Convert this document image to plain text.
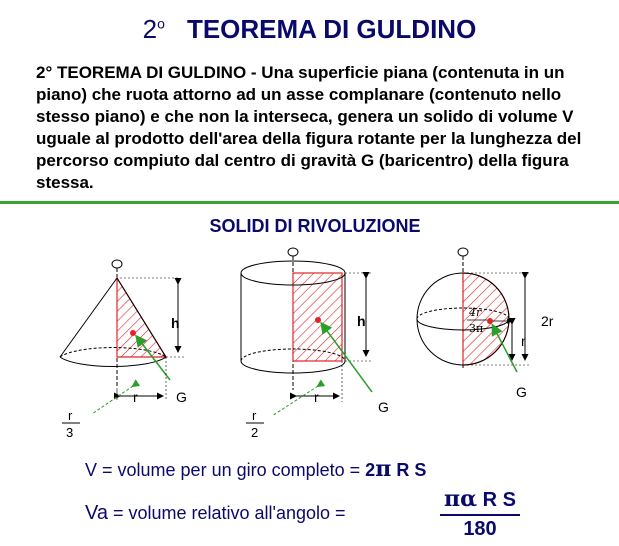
2$^o$ TEOREMA DI GULDINO
2° TEOREMA DI GULDINO - Una superficie piana (contenuta in un piano) che ruota attorno ad un asse complanare (contenuto nello stesso piano) e che non la interseca, genera un solido di volume V uguale al prodotto dell'area della figura rotante per la lunghezza del percorso compiuto dal centro di gravità G (baricentro) della figura stessa.
SOLIDI DI RIVOLUZIONE
h
G
r
r
3
h
G
r
r
2
2r
r
G
4r
3π
V = volume per un giro completo = 2π R S
Va = volume relativo all'angolo =	$\frac{\text{πα R S}}{180}$
